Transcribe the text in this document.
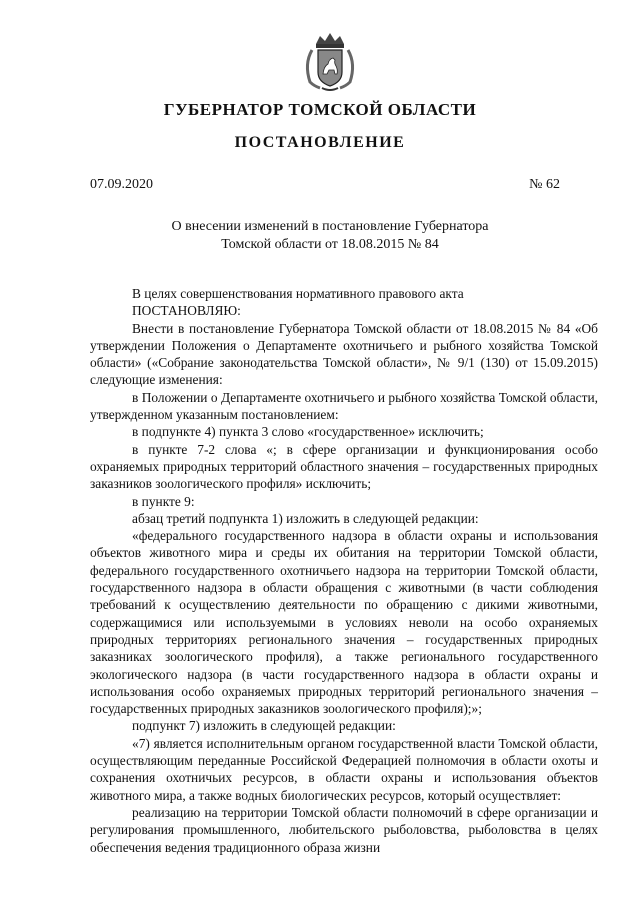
ГУБЕРНАТОР ТОМСКОЙ ОБЛАСТИ
ПОСТАНОВЛЕНИЕ
07.09.2020	№ 62
О внесении изменений в постановление Губернатора
Томской области от 18.08.2015 № 84

В целях совершенствования нормативного правового акта

ПОСТАНОВЛЯЮ:

Внести в постановление Губернатора Томской области от 18.08.2015 № 84 «Об утверждении Положения о Департаменте охотничьего и рыбного хозяйства Томской области» («Собрание законодательства Томской области», № 9/1 (130) от 15.09.2015) следующие изменения:

в Положении о Департаменте охотничьего и рыбного хозяйства Томской области, утвержденном указанным постановлением:

в подпункте 4) пункта 3 слово «государственное» исключить;

в пункте 7-2 слова «; в сфере организации и функционирования особо охраняемых природных территорий областного значения – государственных природных заказников зоологического профиля» исключить;

в пункте 9:

абзац третий подпункта 1) изложить в следующей редакции:

«федерального государственного надзора в области охраны и использования объектов животного мира и среды их обитания на территории Томской области, федерального государственного охотничьего надзора на территории Томской области, государственного надзора в области обращения с животными (в части соблюдения требований к осуществлению деятельности по обращению с дикими животными, содержащимися или используемыми в условиях неволи на особо охраняемых природных территориях регионального значения – государственных природных заказниках зоологического профиля), а также регионального государственного экологического надзора (в части государственного надзора в области охраны и использования особо охраняемых природных территорий регионального значения – государственных природных заказников зоологического профиля);»;

подпункт 7) изложить в следующей редакции:

«7) является исполнительным органом государственной власти Томской области, осуществляющим переданные Российской Федерацией полномочия в области охоты и сохранения охотничьих ресурсов, в области охраны и использования объектов животного мира, а также водных биологических ресурсов, который осуществляет:

реализацию на территории Томской области полномочий в сфере организации и регулирования промышленного, любительского рыболовства, рыболовства в целях обеспечения ведения традиционного образа жизни
